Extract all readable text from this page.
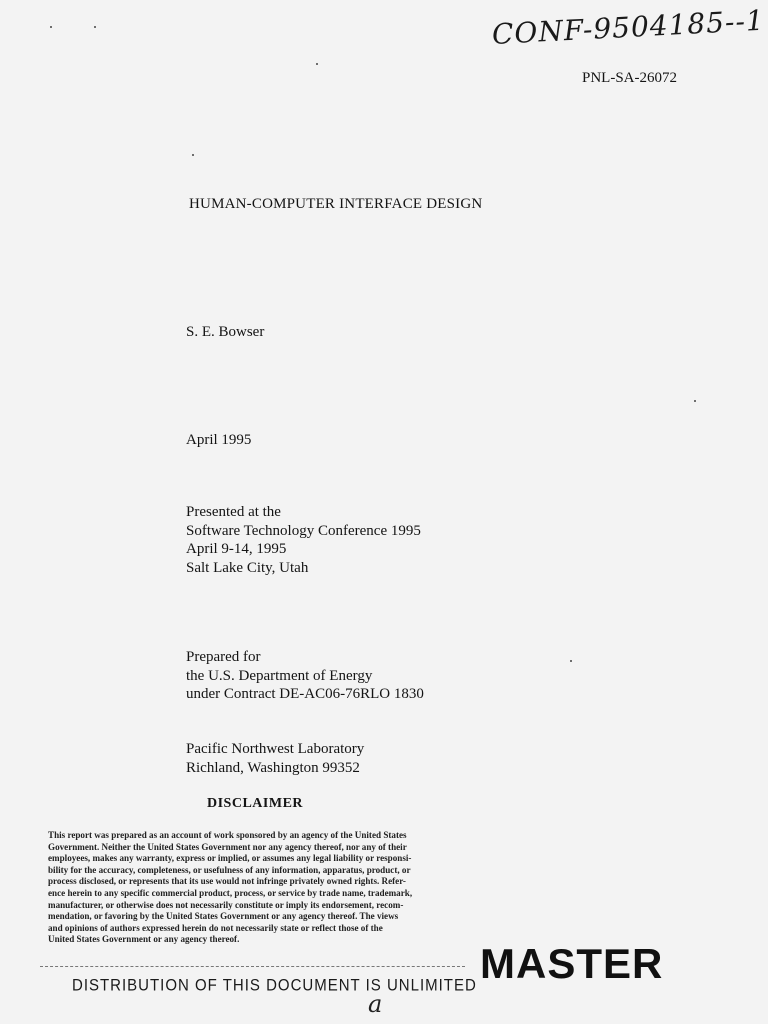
CONF-9504185--1
PNL-SA-26072
HUMAN-COMPUTER INTERFACE DESIGN
S. E. Bowser
April 1995
Presented at the
Software Technology Conference 1995
April 9-14, 1995
Salt Lake City, Utah
Prepared for
the U.S. Department of Energy
under Contract DE-AC06-76RLO 1830
Pacific Northwest Laboratory
Richland, Washington 99352
DISCLAIMER
This report was prepared as an account of work sponsored by an agency of the United States
Government. Neither the United States Government nor any agency thereof, nor any of their
employees, makes any warranty, express or implied, or assumes any legal liability or responsi-
bility for the accuracy, completeness, or usefulness of any information, apparatus, product, or
process disclosed, or represents that its use would not infringe privately owned rights. Refer-
ence herein to any specific commercial product, process, or service by trade name, trademark,
manufacturer, or otherwise does not necessarily constitute or imply its endorsement, recom-
mendation, or favoring by the United States Government or any agency thereof. The views
and opinions of authors expressed herein do not necessarily state or reflect those of the
United States Government or any agency thereof.
MASTER
DISTRIBUTION OF THIS DOCUMENT IS UNLIMITED
a
